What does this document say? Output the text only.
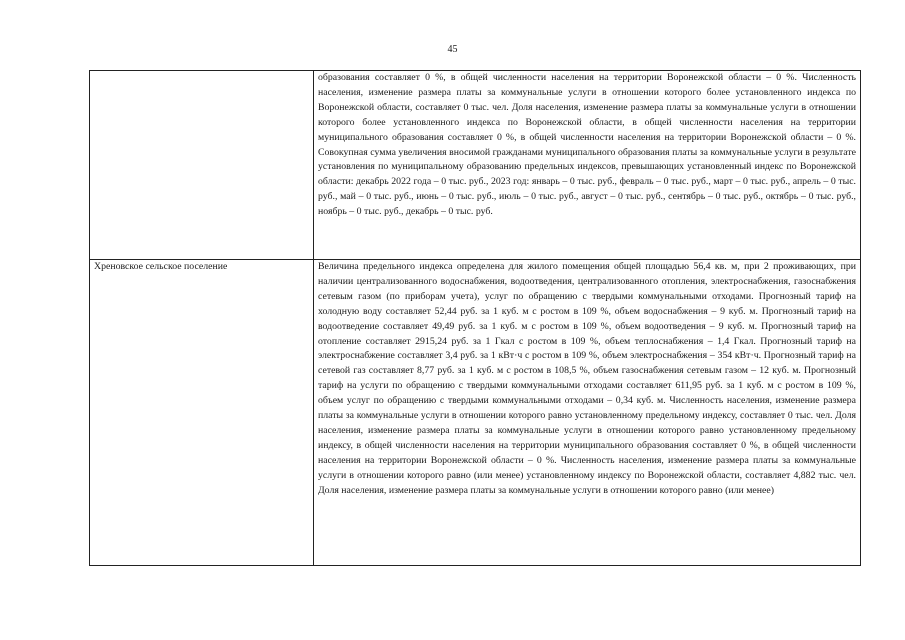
45

	образования составляет 0 %, в общей численности населения на территории Воронежской области – 0 %. Численность населения, изменение размера платы за коммунальные услуги в отношении которого более установленного индекса по Воронежской области, составляет 0 тыс. чел. Доля населения, изменение размера платы за коммунальные услуги в отношении которого более установленного индекса по Воронежской области, в общей численности населения на территории муниципального образования составляет 0 %, в общей численности населения на территории Воронежской области – 0 %. Совокупная сумма увеличения вносимой гражданами муниципального образования платы за коммунальные услуги в результате установления по муниципальному образованию предельных индексов, превышающих установленный индекс по Воронежской области: декабрь 2022 года – 0 тыс. руб., 2023 год: январь – 0 тыс. руб., февраль – 0 тыс. руб., март – 0 тыс. руб., апрель – 0 тыс. руб., май – 0 тыс. руб., июнь – 0 тыс. руб., июль – 0 тыс. руб., август – 0 тыс. руб., сентябрь – 0 тыс. руб., октябрь – 0 тыс. руб., ноябрь – 0 тыс. руб., декабрь – 0 тыс. руб.

Хреновское сельское поселение	Величина предельного индекса определена для жилого помещения общей площадью 56,4 кв. м, при 2 проживающих, при наличии централизованного водоснабжения, водоотведения, централизованного отопления, электроснабжения, газоснабжения сетевым газом (по приборам учета), услуг по обращению с твердыми коммунальными отходами. Прогнозный тариф на холодную воду составляет 52,44 руб. за 1 куб. м с ростом в 109 %, объем водоснабжения – 9 куб. м. Прогнозный тариф на водоотведение составляет 49,49 руб. за 1 куб. м с ростом в 109 %, объем водоотведения – 9 куб. м. Прогнозный тариф на отопление составляет 2915,24 руб. за 1 Гкал с ростом в 109 %, объем теплоснабжения – 1,4 Гкал. Прогнозный тариф на электроснабжение составляет 3,4 руб. за 1 кВт·ч с ростом в 109 %, объем электроснабжения – 354 кВт·ч. Прогнозный тариф на сетевой газ составляет 8,77 руб. за 1 куб. м с ростом в 108,5 %, объем газоснабжения сетевым газом – 12 куб. м. Прогнозный тариф на услуги по обращению с твердыми коммунальными отходами составляет 611,95 руб. за 1 куб. м с ростом в 109 %, объем услуг по обращению с твердыми коммунальными отходами – 0,34 куб. м. Численность населения, изменение размера платы за коммунальные услуги в отношении которого равно установленному предельному индексу, составляет 0 тыс. чел. Доля населения, изменение размера платы за коммунальные услуги в отношении которого равно установленному предельному индексу, в общей численности населения на территории муниципального образования составляет 0 %, в общей численности населения на территории Воронежской области – 0 %. Численность населения, изменение размера платы за коммунальные услуги в отношении которого равно (или менее) установленному индексу по Воронежской области, составляет 4,882 тыс. чел. Доля населения, изменение размера платы за коммунальные услуги в отношении которого равно (или менее)
